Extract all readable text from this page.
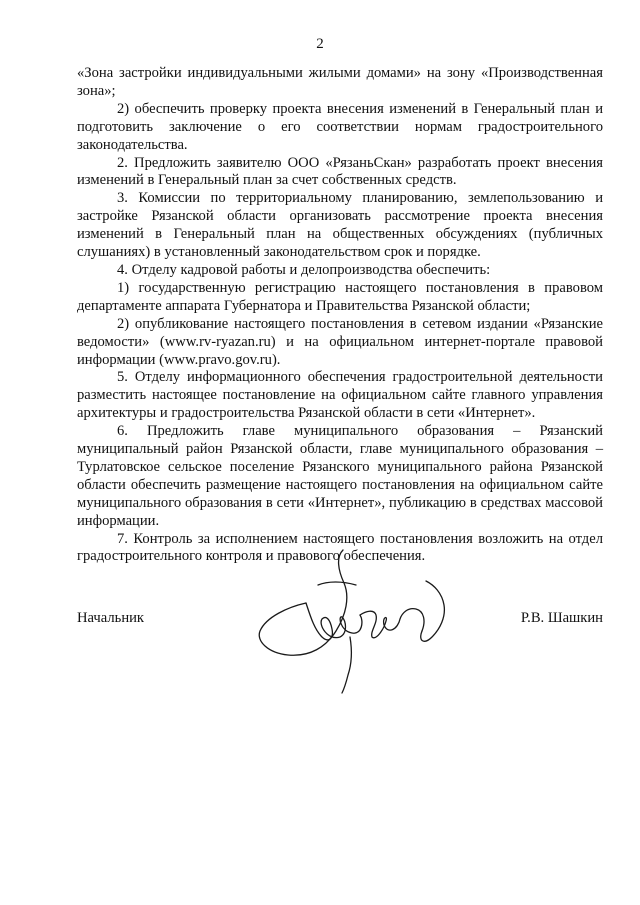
2

«Зона застройки индивидуальными жилыми домами» на зону «Производственная зона»;

2) обеспечить проверку проекта внесения изменений в Генеральный план и подготовить заключение о его соответствии нормам градостроительного законодательства.

2. Предложить заявителю ООО «РязаньСкан» разработать проект внесения изменений в Генеральный план за счет собственных средств.

3. Комиссии по территориальному планированию, землепользованию и застройке Рязанской области организовать рассмотрение проекта внесения изменений в Генеральный план на общественных обсуждениях (публичных слушаниях) в установленный законодательством срок и порядке.

4. Отделу кадровой работы и делопроизводства обеспечить:

1) государственную регистрацию настоящего постановления в правовом департаменте аппарата Губернатора и Правительства Рязанской области;

2) опубликование настоящего постановления в сетевом издании «Рязанские ведомости» (www.rv-ryazan.ru) и на официальном интернет-портале правовой информации (www.pravo.gov.ru).

5. Отделу информационного обеспечения градостроительной деятельности разместить настоящее постановление на официальном сайте главного управления архитектуры и градостроительства Рязанской области в сети «Интернет».

6. Предложить главе муниципального образования – Рязанский муниципальный район Рязанской области, главе муниципального образования – Турлатовское сельское поселение Рязанского муниципального района Рязанской области обеспечить размещение настоящего постановления на официальном сайте муниципального образования в сети «Интернет», публикацию в средствах массовой информации.

7. Контроль за исполнением настоящего постановления возложить на отдел градостроительного контроля и правового обеспечения.

Начальник	Р.В. Шашкин
